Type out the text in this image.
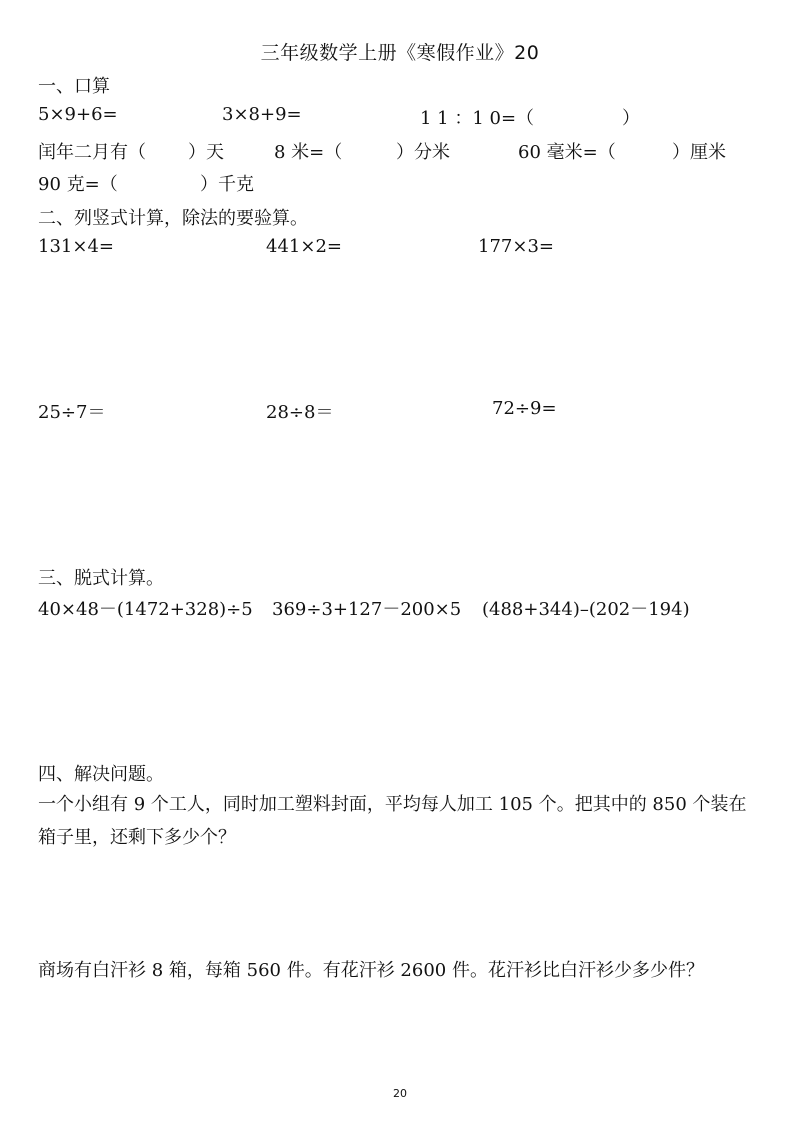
三年级数学上册《寒假作业》20
一、口算
5×9+6=	3×8+9=	1 1 ：1 0=（	）
闰年二月有（ ）天	8 米=（	）分米	60 毫米=（	）厘米
90 克=（	）千克
二、列竖式计算，除法的要验算。
131×4=	441×2=	177×3=
25÷7＝	28÷8＝	72÷9=
三、脱式计算。
40×48－(1472+328)÷5 369÷3+127－200×5 (488+344)–(202－194)
四、解决问题。
一个小组有 9 个工人，同时加工塑料封面，平均每人加工 105 个。把其中的 850 个装在
箱子里，还剩下多少个？
商场有白汗衫 8 箱，每箱 560 件。有花汗衫 2600 件。花汗衫比白汗衫少多少件？
20
